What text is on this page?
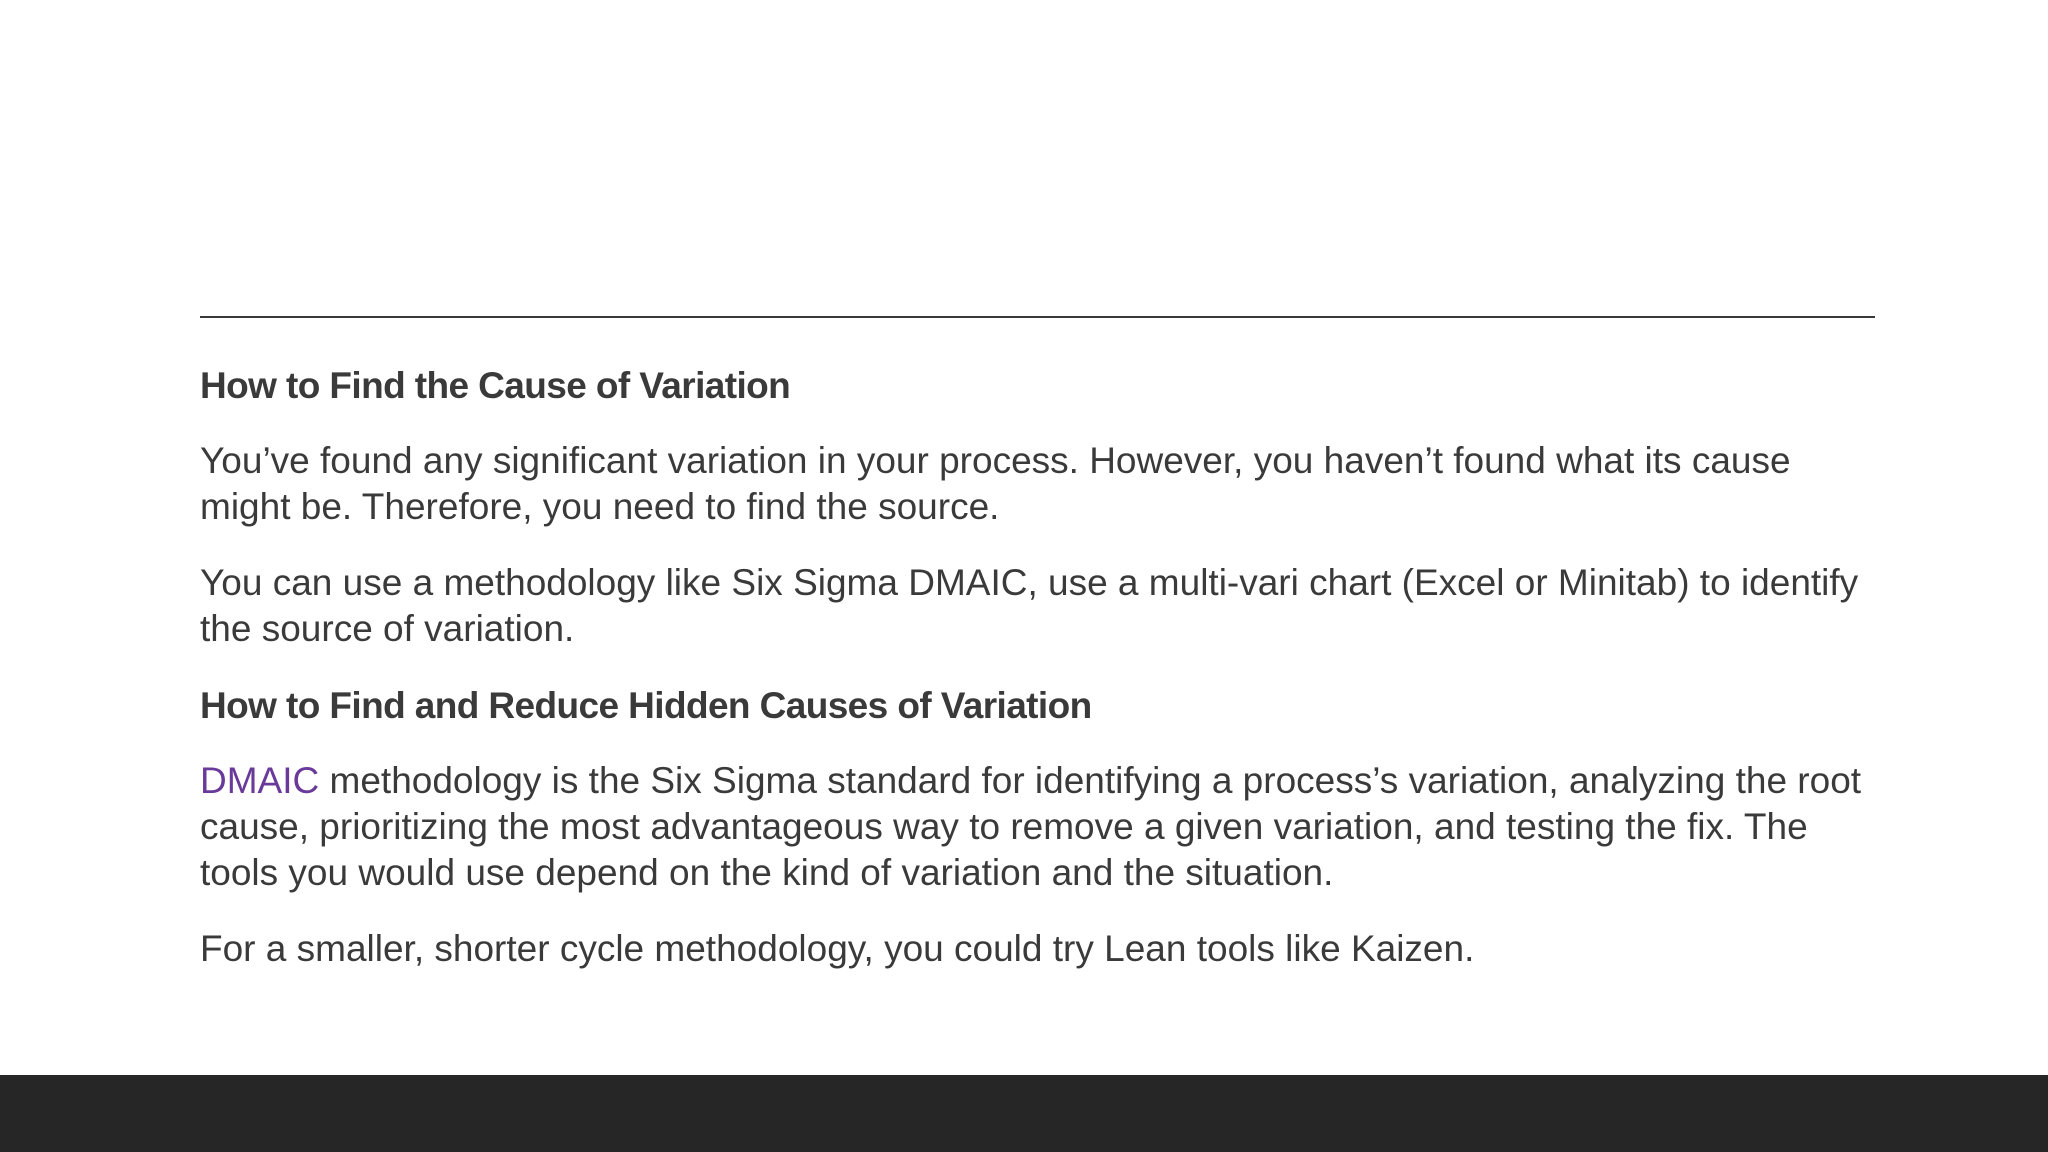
How to Find the Cause of Variation

You’ve found any significant variation in your process. However, you haven’t found what its cause might be. Therefore, you need to find the source.

You can use a methodology like Six Sigma DMAIC, use a multi-vari chart (Excel or Minitab) to identify the source of variation.

How to Find and Reduce Hidden Causes of Variation

DMAIC methodology is the Six Sigma standard for identifying a process’s variation, analyzing the root cause, prioritizing the most advantageous way to remove a given variation, and testing the fix. The tools you would use depend on the kind of variation and the situation.

For a smaller, shorter cycle methodology, you could try Lean tools like Kaizen.
